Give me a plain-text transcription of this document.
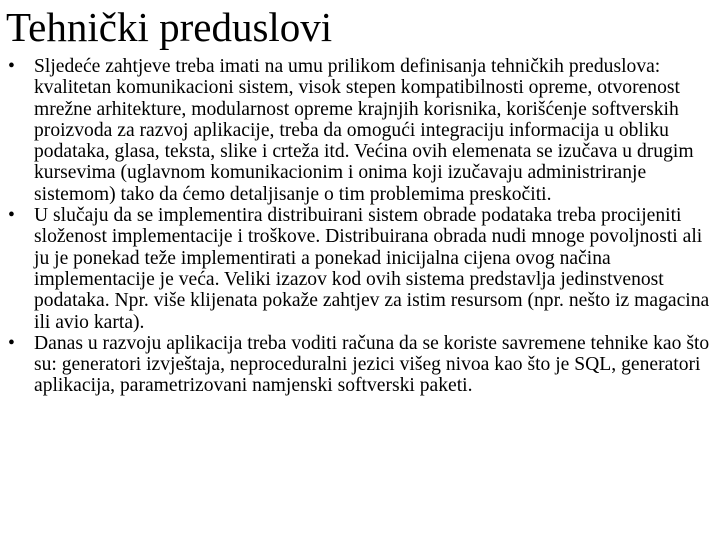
Tehnički preduslovi
• Sljedeće zahtjeve treba imati na umu prilikom definisanja tehničkih preduslova: kvalitetan komunikacioni sistem, visok stepen kompatibilnosti opreme, otvorenost mrežne arhitekture, modularnost opreme krajnjih korisnika, korišćenje softverskih proizvoda za razvoj aplikacije, treba da omogući integraciju informacija u obliku podataka, glasa, teksta, slike i crteža itd. Većina ovih elemenata se izučava u drugim kursevima (uglavnom komunikacionim i onima koji izučavaju administriranje sistemom) tako da ćemo detaljisanje o tim problemima preskočiti.
• U slučaju da se implementira distribuirani sistem obrade podataka treba procijeniti složenost implementacije i troškove. Distribuirana obrada nudi mnoge povoljnosti ali ju je ponekad teže implementirati a ponekad inicijalna cijena ovog načina implementacije je veća. Veliki izazov kod ovih sistema predstavlja jedinstvenost podataka. Npr. više klijenata pokaže zahtjev za istim resursom (npr. nešto iz magacina ili avio karta).
• Danas u razvoju aplikacija treba voditi računa da se koriste savremene tehnike kao što su: generatori izvještaja, neproceduralni jezici višeg nivoa kao što je SQL, generatori aplikacija, parametrizovani namjenski softverski paketi.
